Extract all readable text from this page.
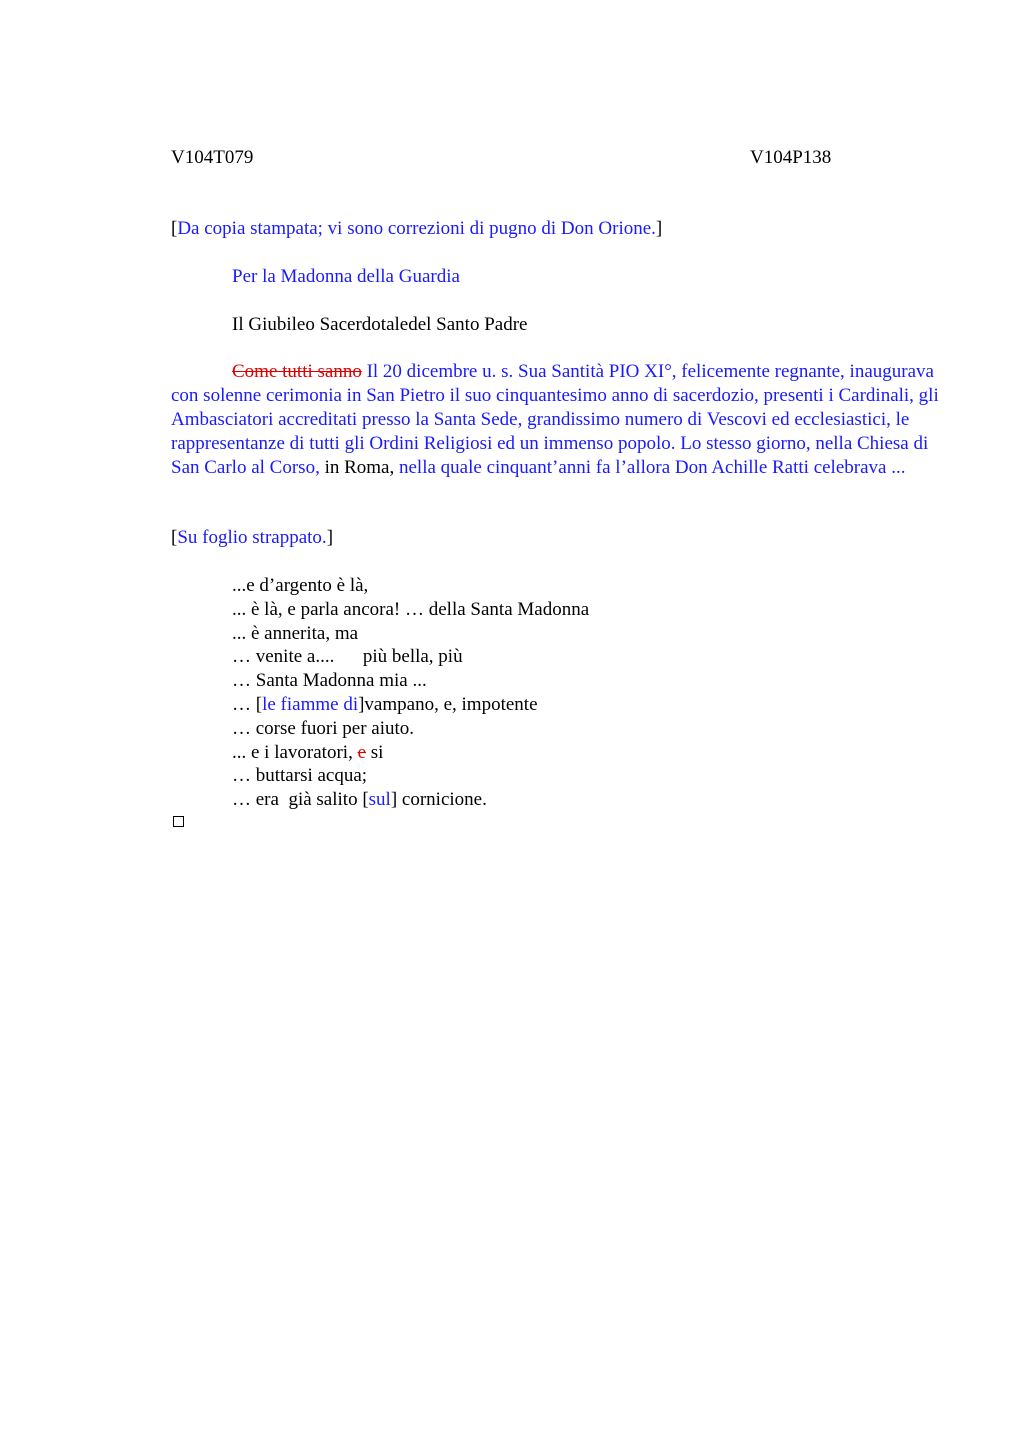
V104T079	V104P138
[Da copia stampata; vi sono correzioni di pugno di Don Orione.]
Per la Madonna della Guardia
Il Giubileo Sacerdotaledel Santo Padre
Come tutti sanno Il 20 dicembre u. s. Sua Santità PIO XI°, felicemente regnante, inaugurava con solenne cerimonia in San Pietro il suo cinquantesimo anno di sacerdozio, presenti i Cardinali, gli Ambasciatori accreditati presso la Santa Sede, grandissimo numero di Vescovi ed ecclesiastici, le rappresentanze di tutti gli Ordini Religiosi ed un immenso popolo. Lo stesso giorno, nella Chiesa di San Carlo al Corso, in Roma, nella quale cinquant’anni fa l’allora Don Achille Ratti celebrava ...
[Su foglio strappato.]
...e d’argento è là,
... è là, e parla ancora! … della Santa Madonna
... è annerita, ma
… venite a....      più bella, più
… Santa Madonna mia ...
… [le fiamme di]vampano, e, impotente
… corse fuori per aiuto.
... e i lavoratori, e si
… buttarsi acqua;
… era  già salito [sul] cornicione.
